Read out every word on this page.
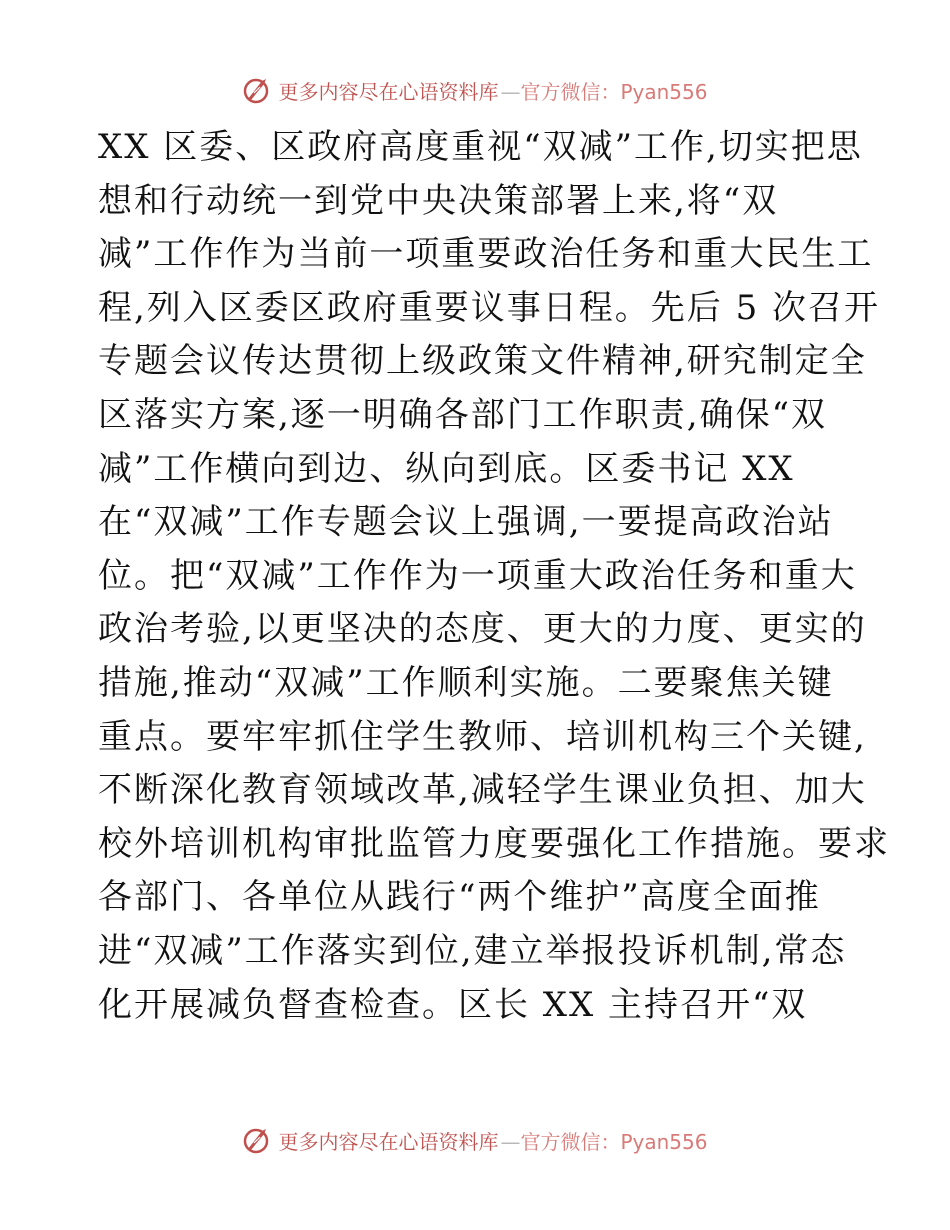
更多内容尽在心语资料库 — 官方微信：Pyan556
XX 区委、区政府高度重视“双减”工作,切实把思
想和行动统一到党中央决策部署上来,将“双
减”工作作为当前一项重要政治任务和重大民生工
程,列入区委区政府重要议事日程。先后 5 次召开
专题会议传达贯彻上级政策文件精神,研究制定全
区落实方案,逐一明确各部门工作职责,确保“双
减”工作横向到边、纵向到底。区委书记 XX
在“双减”工作专题会议上强调,一要提高政治站
位。把“双减”工作作为一项重大政治任务和重大
政治考验,以更坚决的态度、更大的力度、更实的
措施,推动“双减”工作顺利实施。二要聚焦关键
重点。要牢牢抓住学生教师、培训机构三个关键,
不断深化教育领域改革,减轻学生课业负担、加大
校外培训机构审批监管力度要强化工作措施。要求
各部门、各单位从践行“两个维护”高度全面推
进“双减”工作落实到位,建立举报投诉机制,常态
化开展减负督查检查。区长 XX 主持召开“双
更多内容尽在心语资料库 — 官方微信：Pyan556
